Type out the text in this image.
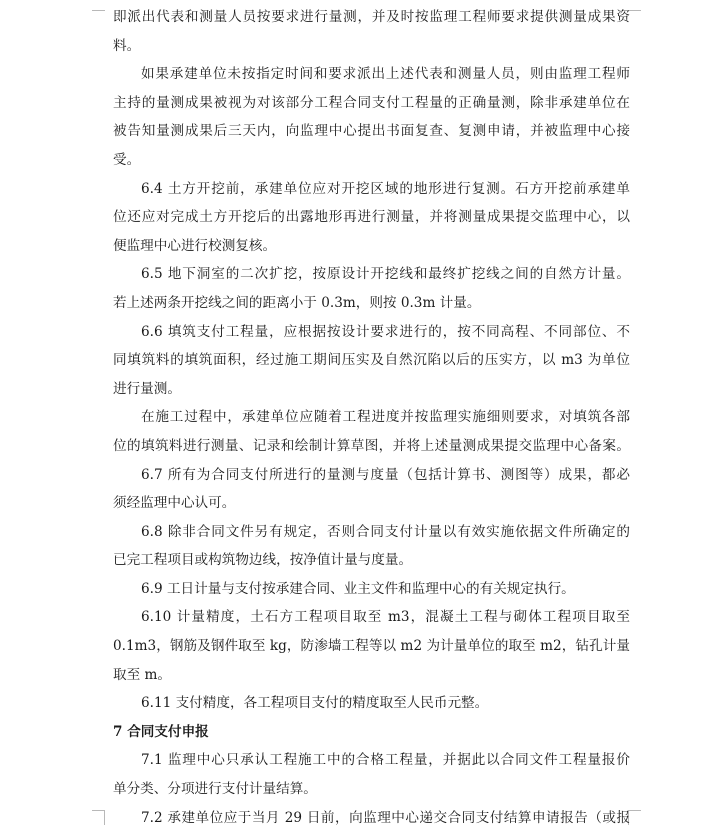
即派出代表和测量人员按要求进行量测，并及时按监理工程师要求提供测量成果资
料。
如果承建单位未按指定时间和要求派出上述代表和测量人员，则由监理工程师
主持的量测成果被视为对该部分工程合同支付工程量的正确量测，除非承建单位在
被告知量测成果后三天内，向监理中心提出书面复查、复测申请，并被监理中心接
受。
6.4 土方开挖前，承建单位应对开挖区域的地形进行复测。石方开挖前承建单
位还应对完成土方开挖后的出露地形再进行测量，并将测量成果提交监理中心，以
便监理中心进行校测复核。
6.5 地下洞室的二次扩挖，按原设计开挖线和最终扩挖线之间的自然方计量。
若上述两条开挖线之间的距离小于 0.3m，则按 0.3m 计量。
6.6 填筑支付工程量，应根据按设计要求进行的，按不同高程、不同部位、不
同填筑料的填筑面积，经过施工期间压实及自然沉陷以后的压实方，以 m3 为单位
进行量测。
在施工过程中，承建单位应随着工程进度并按监理实施细则要求，对填筑各部
位的填筑料进行测量、记录和绘制计算草图，并将上述量测成果提交监理中心备案。
6.7 所有为合同支付所进行的量测与度量（包括计算书、测图等）成果，都必
须经监理中心认可。
6.8 除非合同文件另有规定，否则合同支付计量以有效实施依据文件所确定的
已完工程项目或构筑物边线，按净值计量与度量。
6.9 工日计量与支付按承建合同、业主文件和监理中心的有关规定执行。
6.10 计量精度，土石方工程项目取至 m3，混凝土工程与砌体工程项目取至
0.1m3，钢筋及钢件取至 kg，防渗墙工程等以 m2 为计量单位的取至 m2，钻孔计量
取至 m。
6.11 支付精度，各工程项目支付的精度取至人民币元整。
7 合同支付申报
7.1 监理中心只承认工程施工中的合格工程量，并据此以合同文件工程量报价
单分类、分项进行支付计量结算。
7.2 承建单位应于当月 29 日前，向监理中心递交合同支付结算申请报告（或报
